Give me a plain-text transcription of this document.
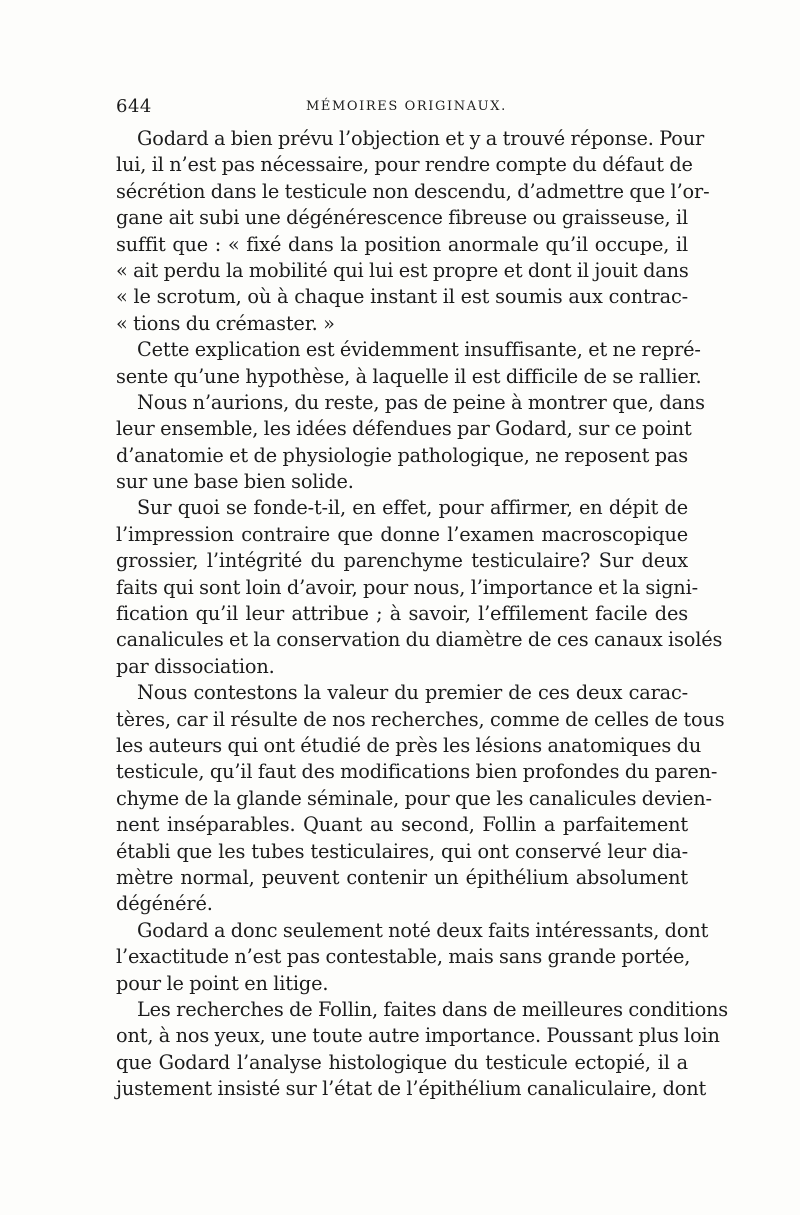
644	MÉMOIRES ORIGINAUX.
Godard a bien prévu l’objection et y a trouvé réponse. Pour
lui, il n’est pas nécessaire, pour rendre compte du défaut de
sécrétion dans le testicule non descendu, d’admettre que l’or-
gane ait subi une dégénérescence fibreuse ou graisseuse, il
suffit que : « fixé dans la position anormale qu’il occupe, il
« ait perdu la mobilité qui lui est propre et dont il jouit dans
« le scrotum, où à chaque instant il est soumis aux contrac-
« tions du crémaster. »
Cette explication est évidemment insuffisante, et ne repré-
sente qu’une hypothèse, à laquelle il est difficile de se rallier.
Nous n’aurions, du reste, pas de peine à montrer que, dans
leur ensemble, les idées défendues par Godard, sur ce point
d’anatomie et de physiologie pathologique, ne reposent pas
sur une base bien solide.
Sur quoi se fonde-t-il, en effet, pour affirmer, en dépit de
l’impression contraire que donne l’examen macroscopique
grossier, l’intégrité du parenchyme testiculaire? Sur deux
faits qui sont loin d’avoir, pour nous, l’importance et la signi-
fication qu’il leur attribue ; à savoir, l’effilement facile des
canalicules et la conservation du diamètre de ces canaux isolés
par dissociation.
Nous contestons la valeur du premier de ces deux carac-
tères, car il résulte de nos recherches, comme de celles de tous
les auteurs qui ont étudié de près les lésions anatomiques du
testicule, qu’il faut des modifications bien profondes du paren-
chyme de la glande séminale, pour que les canalicules devien-
nent inséparables. Quant au second, Follin a parfaitement
établi que les tubes testiculaires, qui ont conservé leur dia-
mètre normal, peuvent contenir un épithélium absolument
dégénéré.
Godard a donc seulement noté deux faits intéressants, dont
l’exactitude n’est pas contestable, mais sans grande portée,
pour le point en litige.
Les recherches de Follin, faites dans de meilleures conditions
ont, à nos yeux, une toute autre importance. Poussant plus loin
que Godard l’analyse histologique du testicule ectopié, il a
justement insisté sur l’état de l’épithélium canaliculaire, dont
